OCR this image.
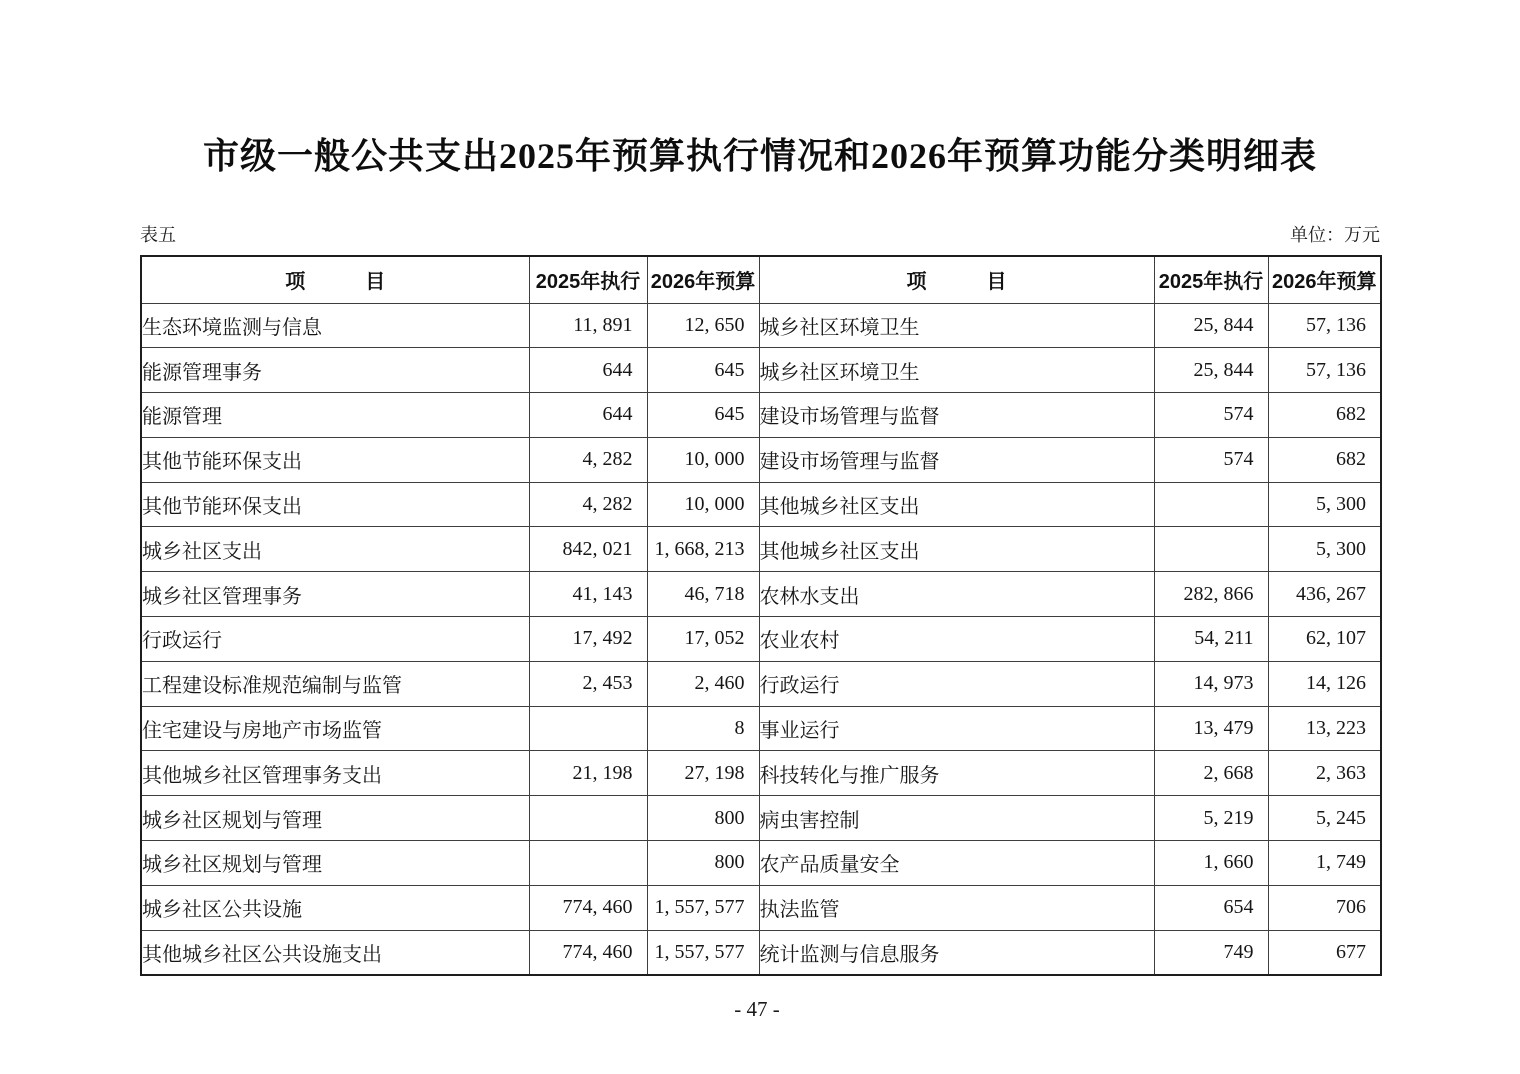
市级一般公共支出2025年预算执行情况和2026年预算功能分类明细表
表五	单位：万元
项　　　目	2025年执行	2026年预算	项　　　目	2025年执行	2026年预算
生态环境监测与信息	11, 891	12, 650	城乡社区环境卫生	25, 844	57, 136
能源管理事务	644	645	城乡社区环境卫生	25, 844	57, 136
能源管理	644	645	建设市场管理与监督	574	682
其他节能环保支出	4, 282	10, 000	建设市场管理与监督	574	682
其他节能环保支出	4, 282	10, 000	其他城乡社区支出		5, 300
城乡社区支出	842, 021	1, 668, 213	其他城乡社区支出		5, 300
城乡社区管理事务	41, 143	46, 718	农林水支出	282, 866	436, 267
行政运行	17, 492	17, 052	农业农村	54, 211	62, 107
工程建设标准规范编制与监管	2, 453	2, 460	行政运行	14, 973	14, 126
住宅建设与房地产市场监管		8	事业运行	13, 479	13, 223
其他城乡社区管理事务支出	21, 198	27, 198	科技转化与推广服务	2, 668	2, 363
城乡社区规划与管理		800	病虫害控制	5, 219	5, 245
城乡社区规划与管理		800	农产品质量安全	1, 660	1, 749
城乡社区公共设施	774, 460	1, 557, 577	执法监管	654	706
其他城乡社区公共设施支出	774, 460	1, 557, 577	统计监测与信息服务	749	677
- 47 -
